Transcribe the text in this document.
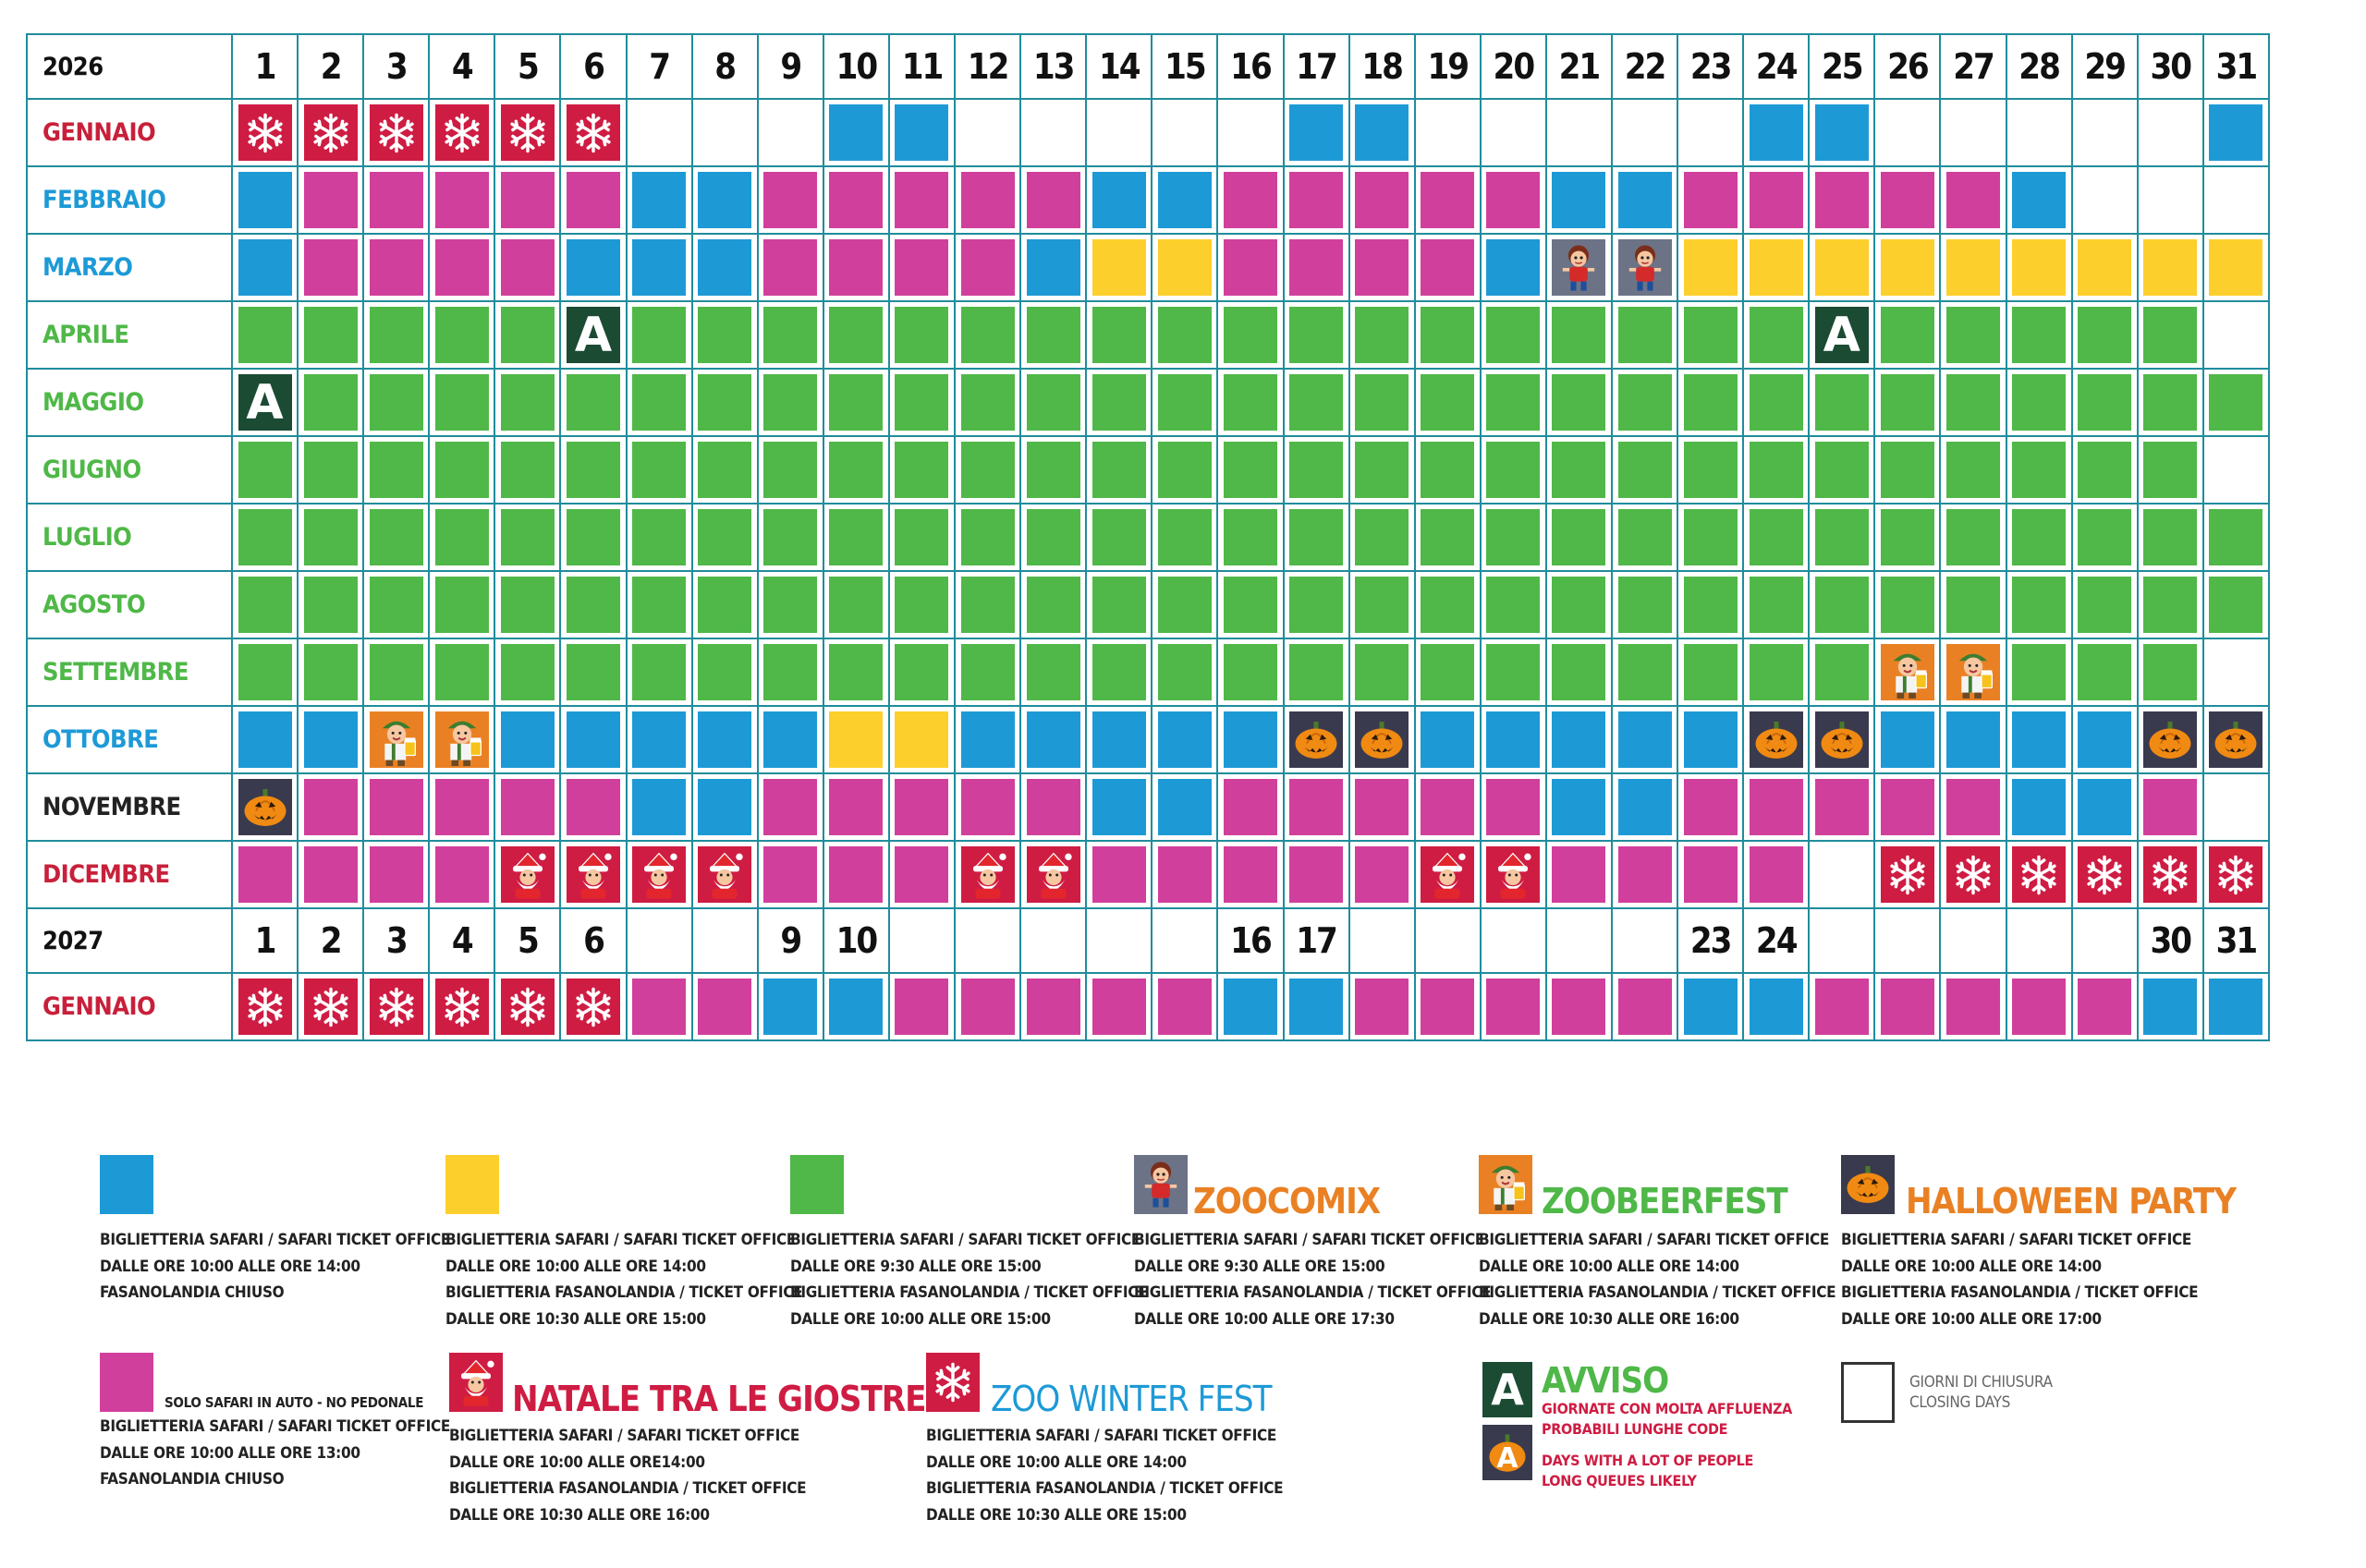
2026	1	2	3	4	5	6	7	8	9	10	11	12	13	14	15	16	17	18	19	20	21	22	23	24	25	26	27	28	29	30	31
GENNAIO	

FEBBRAIO	

MARZO	

APRILE						A																			A						

MAGGIO	A																														

GIUGNO	

LUGLIO	

AGOSTO	

SETTEMBRE	

OTTOBRE	

NOVEMBRE	

DICEMBRE	

2027	1	2	3	4	5	6			9	10						16	17						23	24						30	31
GENNAIO	

BIGLIETTERIA SAFARI / SAFARI TICKET OFFICE
DALLE ORE 10:00 ALLE ORE 14:00
FASANOLANDIA CHIUSO
BIGLIETTERIA SAFARI / SAFARI TICKET OFFICE
DALLE ORE 10:00 ALLE ORE 14:00
BIGLIETTERIA FASANOLANDIA / TICKET OFFICE
DALLE ORE 10:30 ALLE ORE 15:00
BIGLIETTERIA SAFARI / SAFARI TICKET OFFICE
DALLE ORE 9:30 ALLE ORE 15:00
BIGLIETTERIA FASANOLANDIA / TICKET OFFICE
DALLE ORE 10:00 ALLE ORE 15:00
ZOOCOMIX
BIGLIETTERIA SAFARI / SAFARI TICKET OFFICE
DALLE ORE 9:30 ALLE ORE 15:00
BIGLIETTERIA FASANOLANDIA / TICKET OFFICE
DALLE ORE 10:00 ALLE ORE 17:30
ZOOBEERFEST
BIGLIETTERIA SAFARI / SAFARI TICKET OFFICE
DALLE ORE 10:00 ALLE ORE 14:00
BIGLIETTERIA FASANOLANDIA / TICKET OFFICE
DALLE ORE 10:30 ALLE ORE 16:00
HALLOWEEN PARTY
BIGLIETTERIA SAFARI / SAFARI TICKET OFFICE
DALLE ORE 10:00 ALLE ORE 14:00
BIGLIETTERIA FASANOLANDIA / TICKET OFFICE
DALLE ORE 10:00 ALLE ORE 17:00
SOLO SAFARI IN AUTO - NO PEDONALE
BIGLIETTERIA SAFARI / SAFARI TICKET OFFICE
DALLE ORE 10:00 ALLE ORE 13:00
FASANOLANDIA CHIUSO
NATALE TRA LE GIOSTRE
BIGLIETTERIA SAFARI / SAFARI TICKET OFFICE
DALLE ORE 10:00 ALLE ORE14:00
BIGLIETTERIA FASANOLANDIA / TICKET OFFICE
DALLE ORE 10:30 ALLE ORE 16:00
ZOO WINTER FEST
BIGLIETTERIA SAFARI / SAFARI TICKET OFFICE
DALLE ORE 10:00 ALLE ORE 14:00
BIGLIETTERIA FASANOLANDIA / TICKET OFFICE
DALLE ORE 10:30 ALLE ORE 15:00
A
A
AVVISO
GIORNATE CON MOLTA AFFLUENZA
PROBABILI LUNGHE CODE
DAYS WITH A LOT OF PEOPLE
LONG QUEUES LIKELY
GIORNI DI CHIUSURA
CLOSING DAYS
